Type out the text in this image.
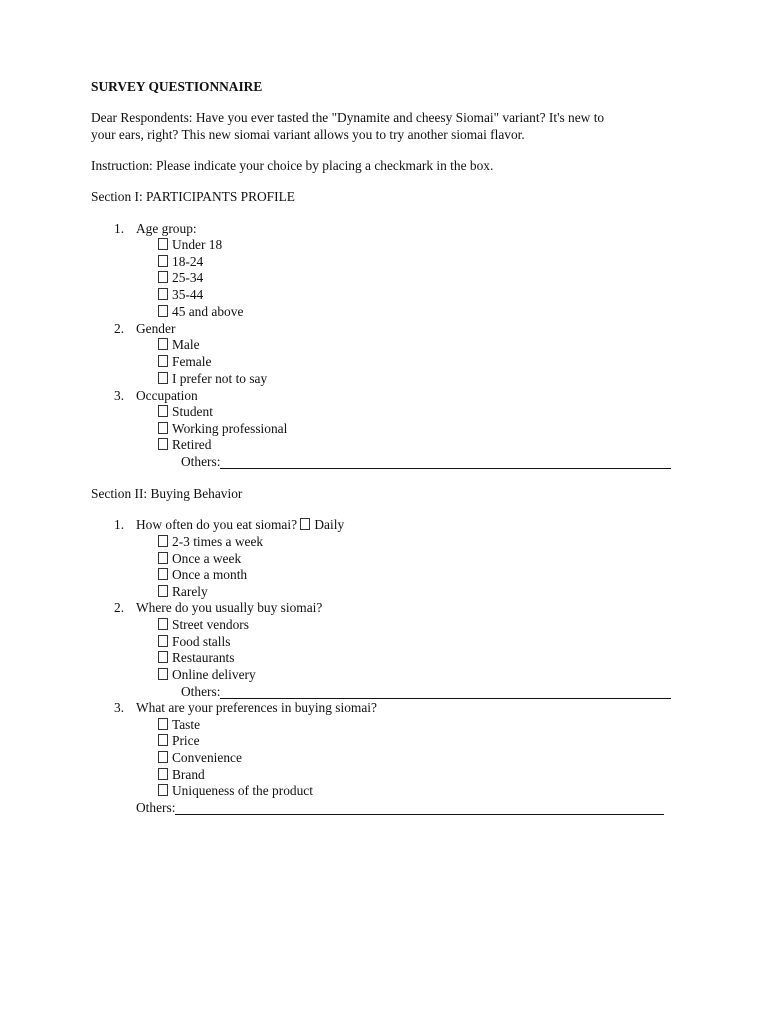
SURVEY QUESTIONNAIRE
Dear Respondents: Have you ever tasted the "Dynamite and cheesy Siomai" variant? It's new to
your ears, right? This new siomai variant allows you to try another siomai flavor.
Instruction: Please indicate your choice by placing a checkmark in the box.
Section I: PARTICIPANTS PROFILE
1. Age group:
Under 18
18-24
25-34
35-44
45 and above
2. Gender
Male
Female
I prefer not to say
3. Occupation
Student
Working professional
Retired
Others:
Section II: Buying Behavior
1. How often do you eat siomai? Daily
2-3 times a week
Once a week
Once a month
Rarely
2. Where do you usually buy siomai?
Street vendors
Food stalls
Restaurants
Online delivery
Others:
3. What are your preferences in buying siomai?
Taste
Price
Convenience
Brand
Uniqueness of the product
Others:
